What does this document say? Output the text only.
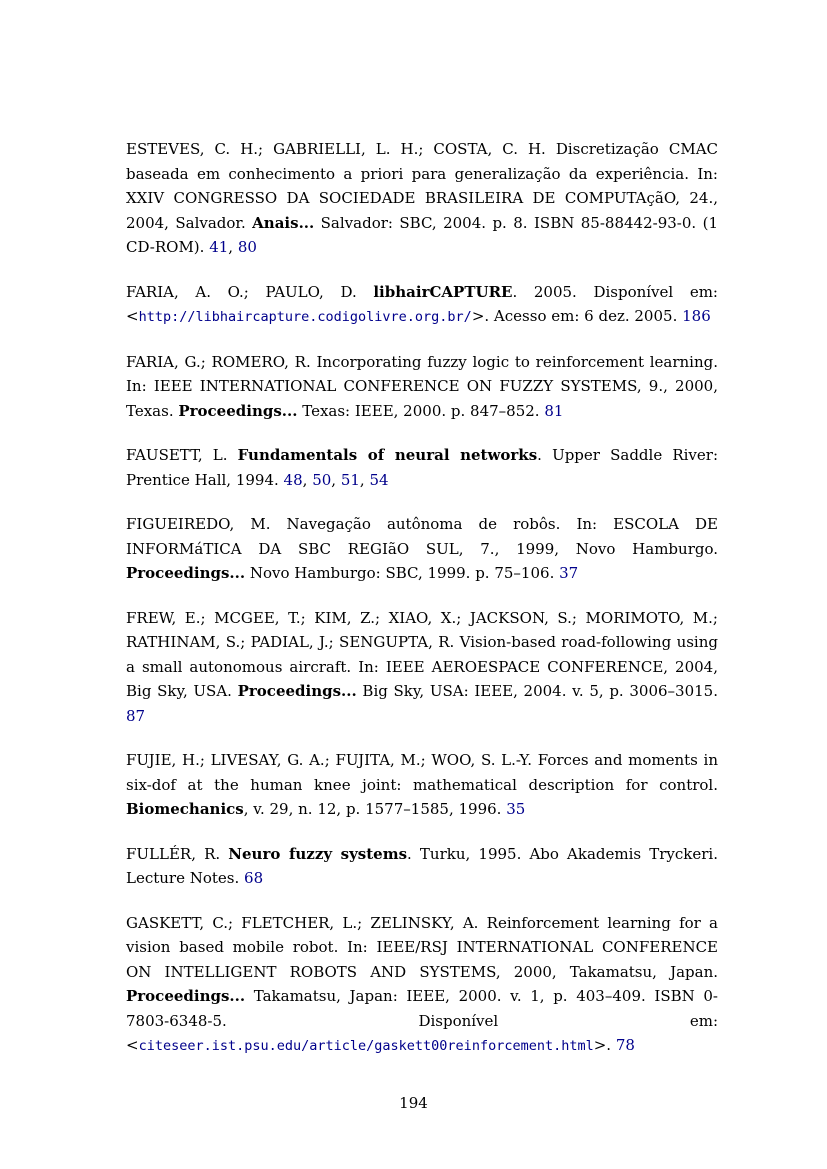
ESTEVES, C. H.; GABRIELLI, L. H.; COSTA, C. H. Discretização CMAC baseada em conhecimento a priori para generalização da experiência. In: XXIV CONGRESSO DA SOCIEDADE BRASILEIRA DE COMPUTAçãO, 24., 2004, Salvador. Anais... Salvador: SBC, 2004. p. 8. ISBN 85-88442-93-0. (1 CD-ROM). 41, 80

FARIA, A. O.; PAULO, D. libhairCAPTURE. 2005. Disponível em: <http://libhaircapture.codigolivre.org.br/>. Acesso em: 6 dez. 2005. 186

FARIA, G.; ROMERO, R. Incorporating fuzzy logic to reinforcement learning. In: IEEE INTERNATIONAL CONFERENCE ON FUZZY SYSTEMS, 9., 2000, Texas. Proceedings... Texas: IEEE, 2000. p. 847–852. 81

FAUSETT, L. Fundamentals of neural networks. Upper Saddle River: Prentice Hall, 1994. 48, 50, 51, 54

FIGUEIREDO, M. Navegação autônoma de robôs. In: ESCOLA DE INFORMáTICA DA SBC REGIãO SUL, 7., 1999, Novo Hamburgo. Proceedings... Novo Hamburgo: SBC, 1999. p. 75–106. 37

FREW, E.; MCGEE, T.; KIM, Z.; XIAO, X.; JACKSON, S.; MORIMOTO, M.; RATHINAM, S.; PADIAL, J.; SENGUPTA, R. Vision-based road-following using a small autonomous aircraft. In: IEEE AEROESPACE CONFERENCE, 2004, Big Sky, USA. Proceedings... Big Sky, USA: IEEE, 2004. v. 5, p. 3006–3015. 87

FUJIE, H.; LIVESAY, G. A.; FUJITA, M.; WOO, S. L.-Y. Forces and moments in six-dof at the human knee joint: mathematical description for control. Biomechanics, v. 29, n. 12, p. 1577–1585, 1996. 35

FULLÉR, R. Neuro fuzzy systems. Turku, 1995. Abo Akademis Tryckeri. Lecture Notes. 68

GASKETT, C.; FLETCHER, L.; ZELINSKY, A. Reinforcement learning for a vision based mobile robot. In: IEEE/RSJ INTERNATIONAL CONFERENCE ON INTELLIGENT ROBOTS AND SYSTEMS, 2000, Takamatsu, Japan. Proceedings... Takamatsu, Japan: IEEE, 2000. v. 1, p. 403–409. ISBN 0-7803-6348-5. Disponível em: <citeseer.ist.psu.edu/article/gaskett00reinforcement.html>. 78

194
